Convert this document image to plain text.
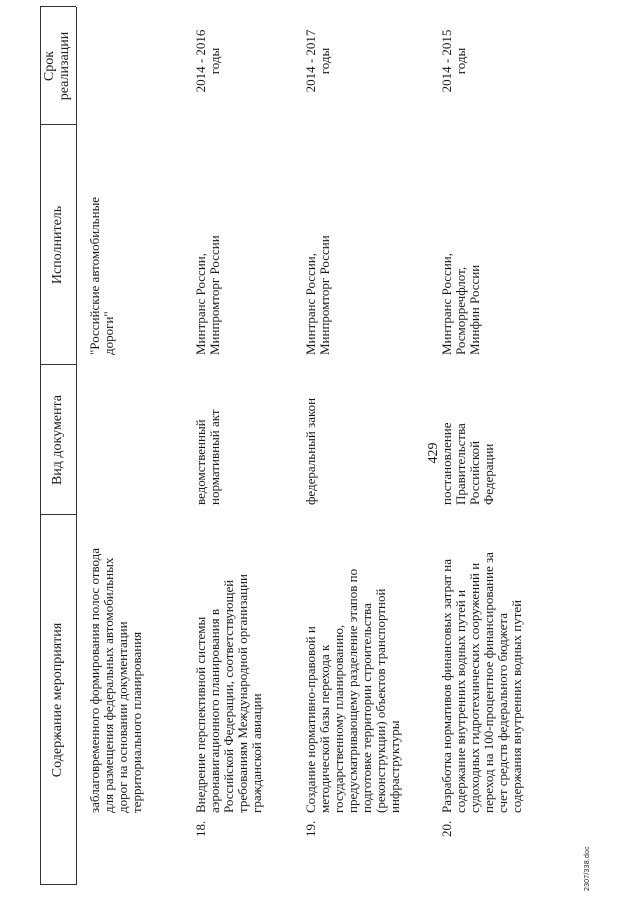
429
2307/338.doc
Содержание мероприятия
Вид документа
Исполнитель
Срок
реализации
заблаговременного формирования полос отвода
для размещения федеральных автомобильных
дорог на основании документации
территориального планирования
"Российские автомобильные
дороги"
18.
Внедрение перспективной системы
аэронавигационного планирования в
Российской Федерации, соответствующей
требованиям Международной организации
гражданской авиации
ведомственный
нормативный акт
Минтранс России,
Минпромторг России
2014 - 2016
годы
19.
Создание нормативно-правовой и
методической базы перехода к
государственному планированию,
предусматривающему разделение этапов по
подготовке территории строительства
(реконструкции) объектов транспортной
инфраструктуры
федеральный закон
Минтранс России,
Минпромторг России
2014 - 2017
годы
20.
Разработка нормативов финансовых затрат на
содержание внутренних водных путей и
судоходных гидротехнических сооружений и
переход на 100-процентное финансирование за
счет средств федерального бюджета
содержания внутренних водных путей
постановление
Правительства
Российской
Федерации
Минтранс России,
Росморречфлот,
Минфин России
2014 - 2015
годы
